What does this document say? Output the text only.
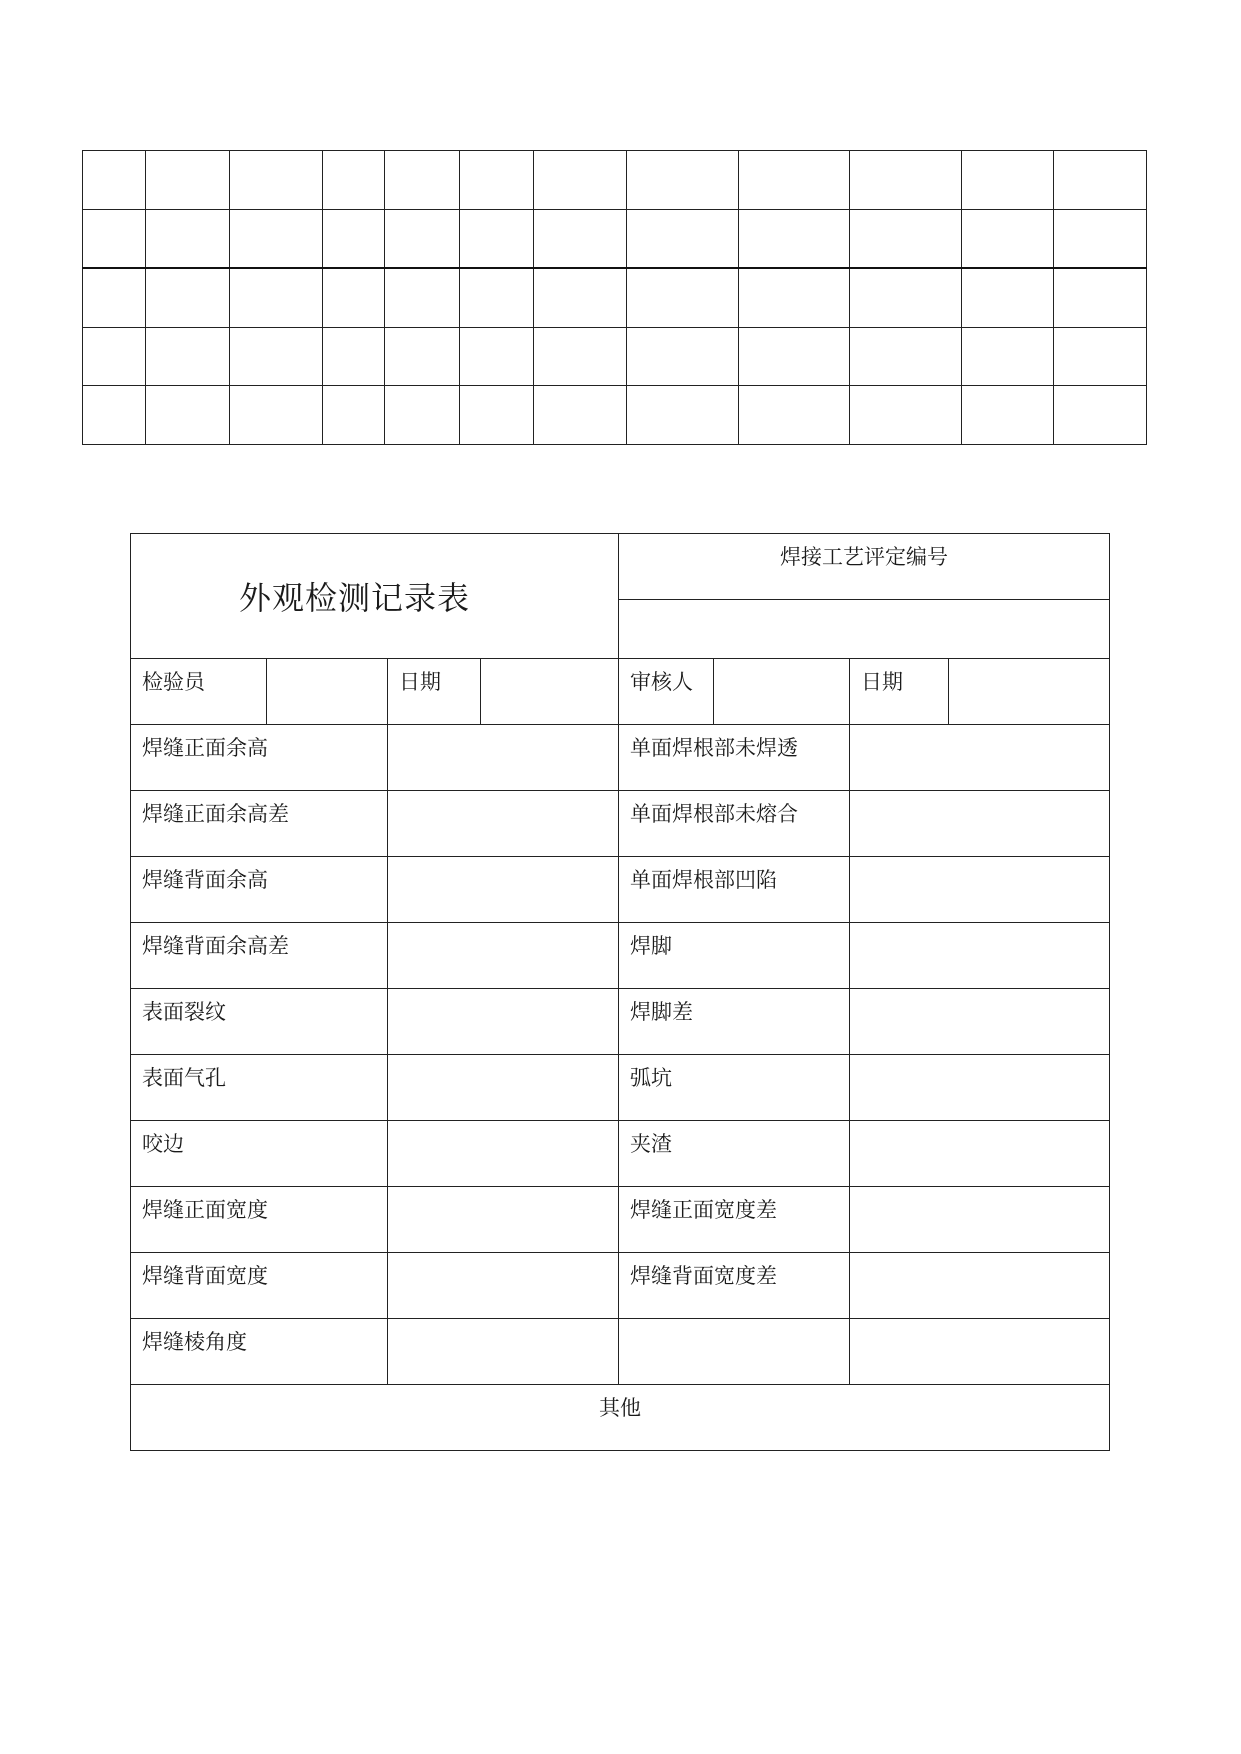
外观检测记录表				焊接工艺评定编号			

检验员		日期		审核人		日期	
焊缝正面余高				单面焊根部未焊透			
焊缝正面余高差				单面焊根部未熔合			
焊缝背面余高				单面焊根部凹陷			
焊缝背面余高差				焊脚			
表面裂纹				焊脚差			
表面气孔				弧坑			
咬边				夹渣			
焊缝正面宽度				焊缝正面宽度差			
焊缝背面宽度				焊缝背面宽度差			
焊缝棱角度							
其他							
